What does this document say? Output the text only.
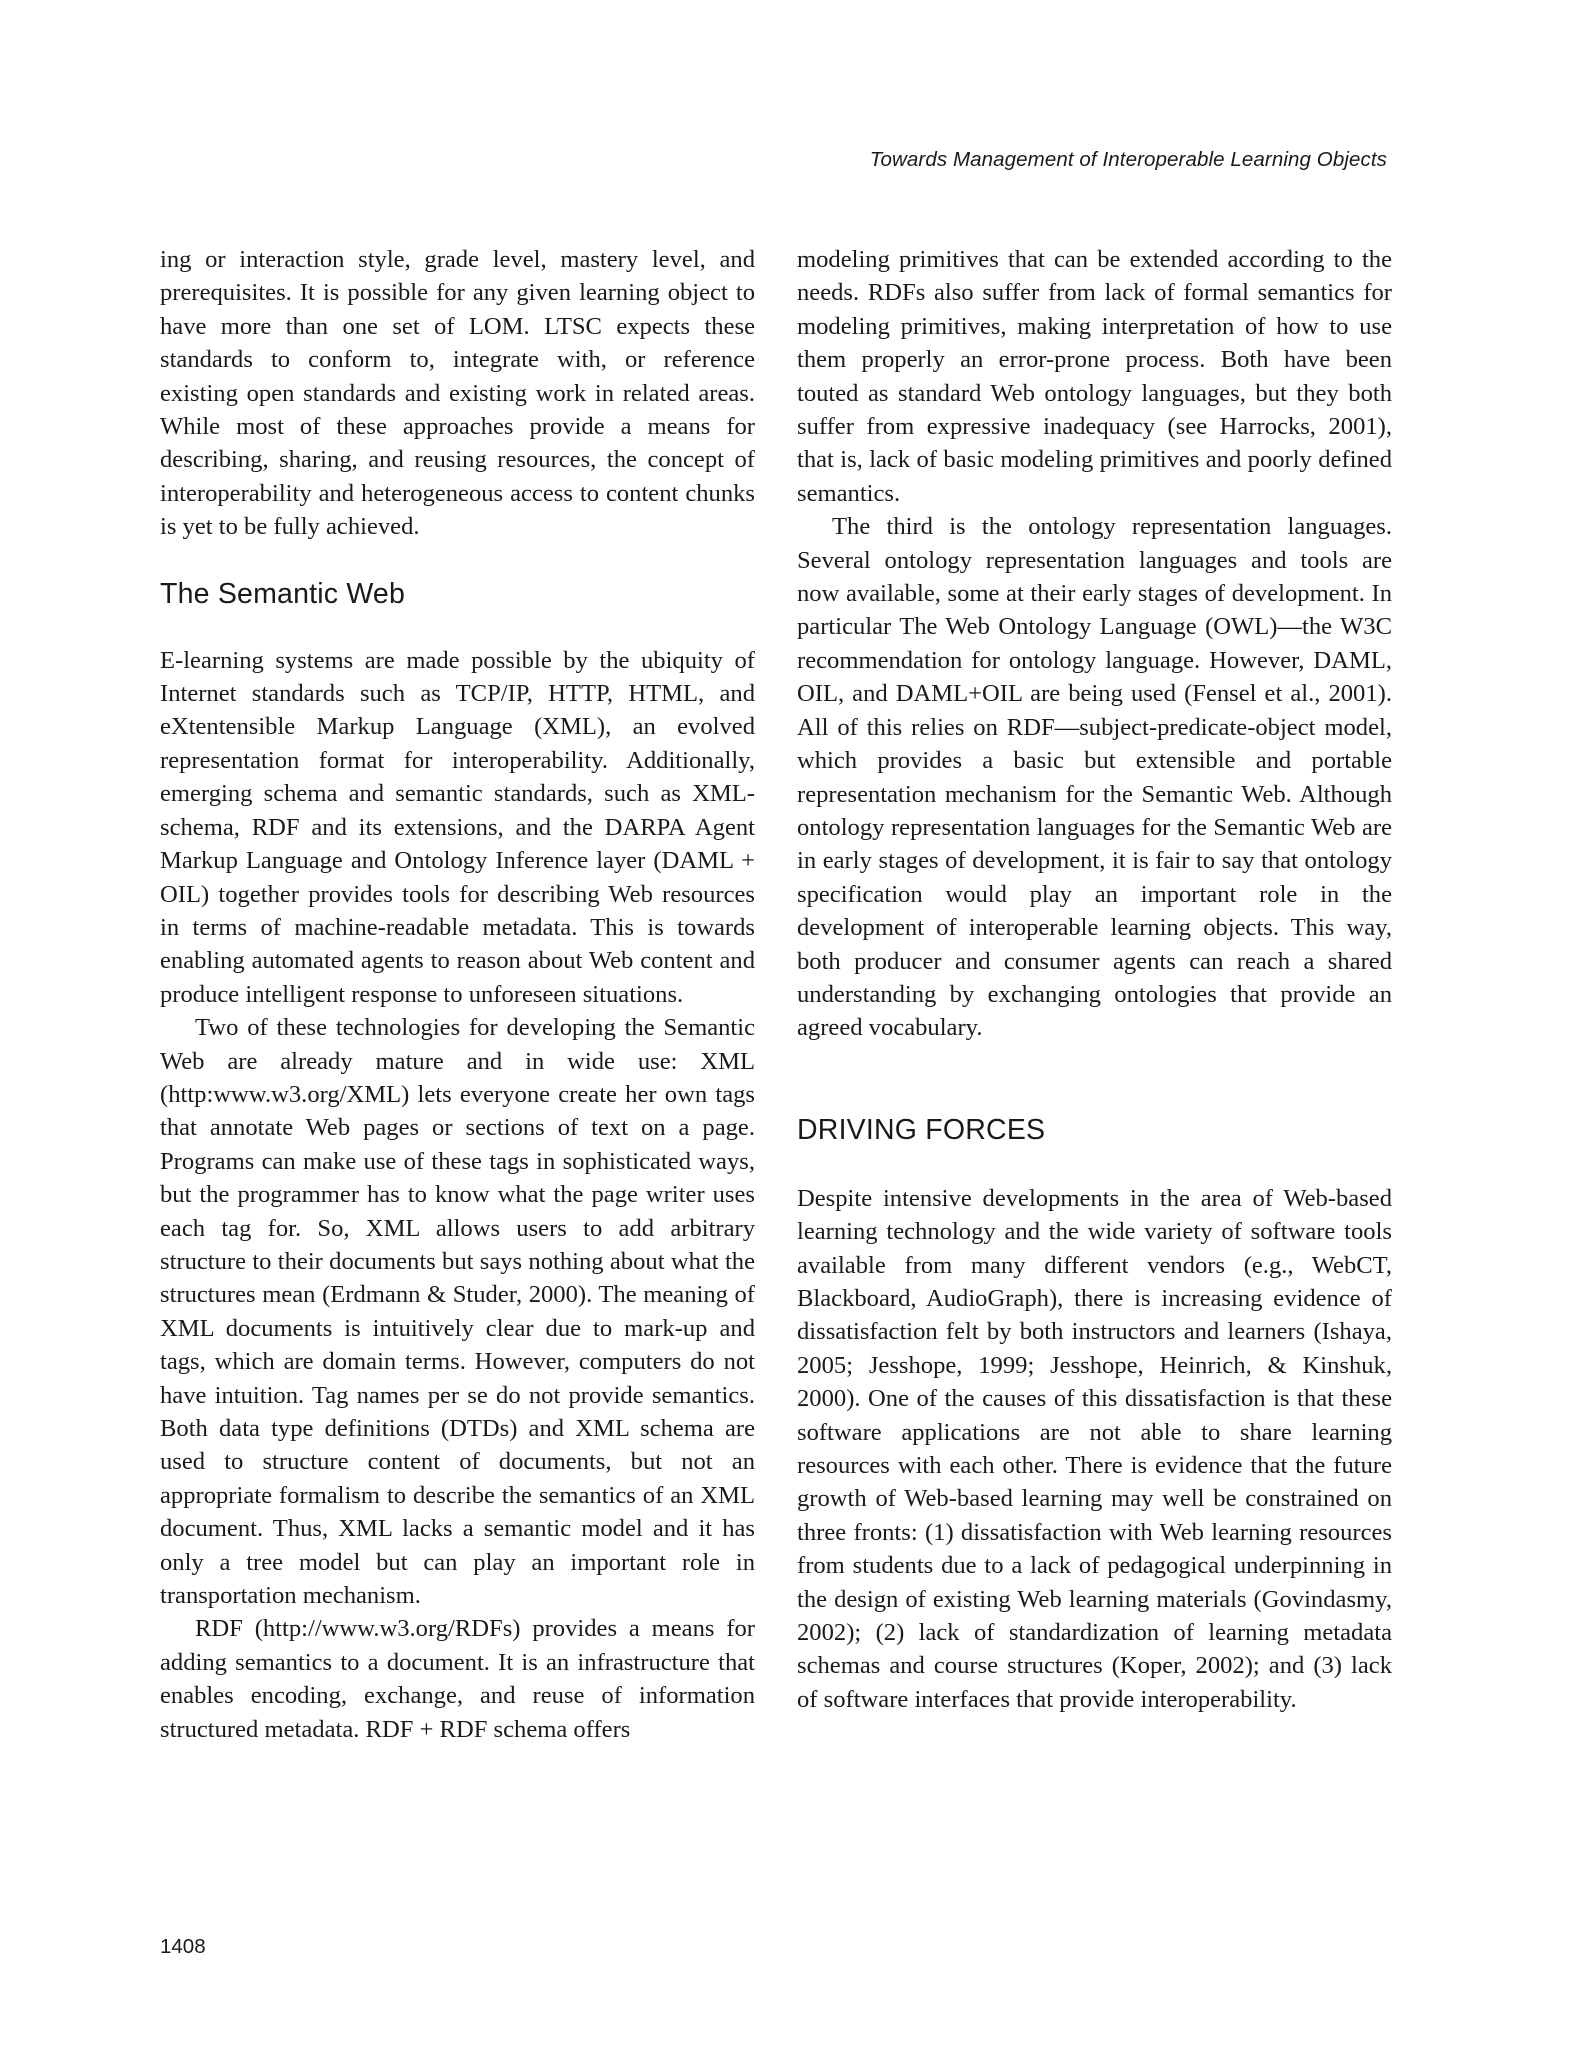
Towards Management of Interoperable Learning Objects

ing or interaction style, grade level, mastery level, and prerequisites. It is possible for any given learning object to have more than one set of LOM. LTSC expects these standards to conform to, integrate with, or reference existing open standards and existing work in related areas. While most of these approaches provide a means for describing, sharing, and reusing resources, the concept of interoperability and heterogeneous access to content chunks is yet to be fully achieved.

The Semantic Web

E-learning systems are made possible by the ubiquity of Internet standards such as TCP/IP, HTTP, HTML, and eXtentensible Markup Language (XML), an evolved representation format for interoperability. Additionally, emerging schema and semantic standards, such as XML-schema, RDF and its extensions, and the DARPA Agent Markup Language and Ontology Inference layer (DAML + OIL) together provides tools for describing Web resources in terms of machine-readable metadata. This is towards enabling automated agents to reason about Web content and produce intelligent response to unforeseen situations.

Two of these technologies for developing the Semantic Web are already mature and in wide use: XML (http:www.w3.org/XML) lets everyone create her own tags that annotate Web pages or sections of text on a page. Programs can make use of these tags in sophisticated ways, but the programmer has to know what the page writer uses each tag for. So, XML allows users to add arbitrary structure to their documents but says nothing about what the structures mean (Erdmann & Studer, 2000). The meaning of XML documents is intuitively clear due to mark-up and tags, which are domain terms. However, computers do not have intuition. Tag names per se do not provide semantics. Both data type definitions (DTDs) and XML schema are used to structure content of documents, but not an appropriate formalism to describe the semantics of an XML document. Thus, XML lacks a semantic model and it has only a tree model but can play an important role in transportation mechanism.

RDF (http://www.w3.org/RDFs) provides a means for adding semantics to a document. It is an infrastructure that enables encoding, exchange, and reuse of information structured metadata. RDF + RDF schema offers

modeling primitives that can be extended according to the needs. RDFs also suffer from lack of formal semantics for modeling primitives, making interpretation of how to use them properly an error-prone process. Both have been touted as standard Web ontology languages, but they both suffer from expressive inadequacy (see Harrocks, 2001), that is, lack of basic modeling primitives and poorly defined semantics.

The third is the ontology representation languages. Several ontology representation languages and tools are now available, some at their early stages of development. In particular The Web Ontology Language (OWL)—the W3C recommendation for ontology language. However, DAML, OIL, and DAML+OIL are being used (Fensel et al., 2001). All of this relies on RDF—subject-predicate-object model, which provides a basic but extensible and portable representation mechanism for the Semantic Web. Although ontology representation languages for the Semantic Web are in early stages of development, it is fair to say that ontology specification would play an important role in the development of interoperable learning objects. This way, both producer and consumer agents can reach a shared understanding by exchanging ontologies that provide an agreed vocabulary.

DRIVING FORCES

Despite intensive developments in the area of Web-based learning technology and the wide variety of software tools available from many different vendors (e.g., WebCT, Blackboard, AudioGraph), there is increasing evidence of dissatisfaction felt by both instructors and learners (Ishaya, 2005; Jesshope, 1999; Jesshope, Heinrich, & Kinshuk, 2000). One of the causes of this dissatisfaction is that these software applications are not able to share learning resources with each other. There is evidence that the future growth of Web-based learning may well be constrained on three fronts: (1) dissatisfaction with Web learning resources from students due to a lack of pedagogical underpinning in the design of existing Web learning materials (Govindasmy, 2002); (2) lack of standardization of learning metadata schemas and course structures (Koper, 2002); and (3) lack of software interfaces that provide interoperability.

1408
